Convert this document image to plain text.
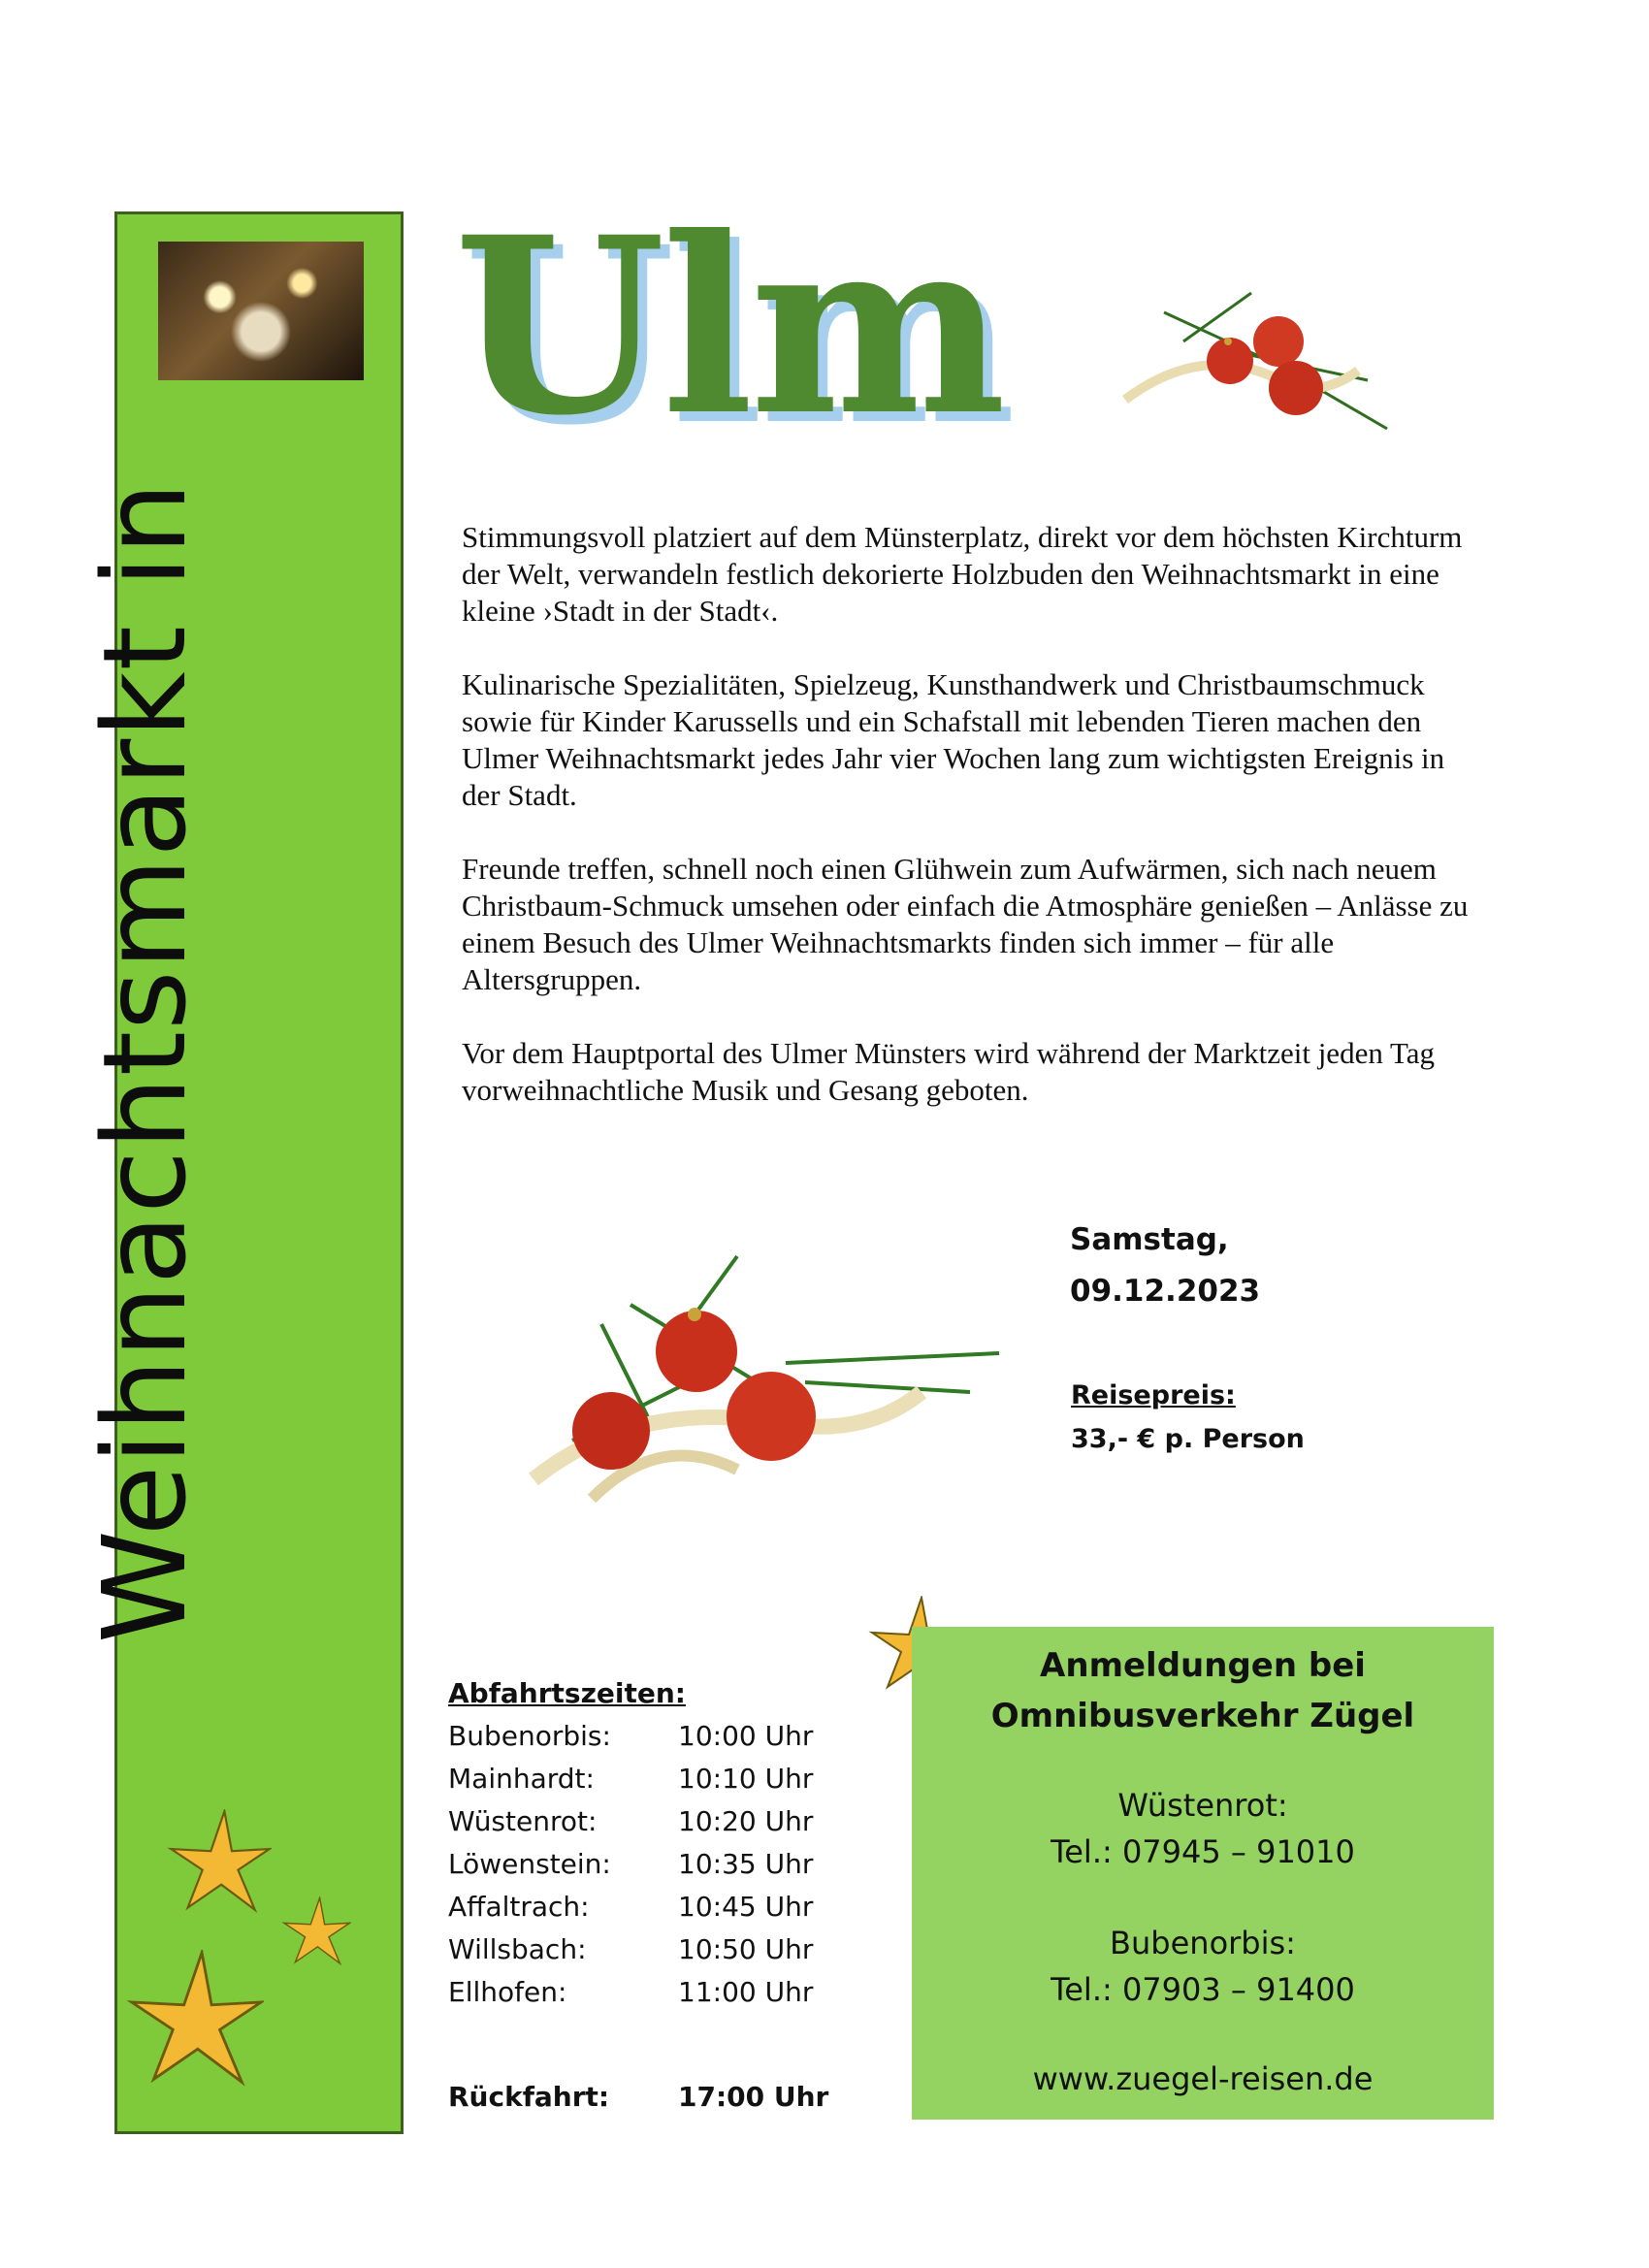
Weihnachtsmarkt in
Ulm

Stimmungsvoll platziert auf dem Münsterplatz, direkt vor dem höchsten Kirchturm der Welt, verwandeln festlich dekorierte Holzbuden den Weihnachtsmarkt in eine kleine ›Stadt in der Stadt‹.

Kulinarische Spezialitäten, Spielzeug, Kunsthandwerk und Christbaumschmuck sowie für Kinder Karussells und ein Schafstall mit lebenden Tieren machen den Ulmer Weihnachtsmarkt jedes Jahr vier Wochen lang zum wichtigsten Ereignis in der Stadt.

Freunde treffen, schnell noch einen Glühwein zum Aufwärmen, sich nach neuem Christbaum-Schmuck umsehen oder einfach die Atmosphäre genießen – Anlässe zu einem Besuch des Ulmer Weihnachtsmarkts finden sich immer – für alle Altersgruppen.

Vor dem Hauptportal des Ulmer Münsters wird während der Marktzeit jeden Tag vorweihnachtliche Musik und Gesang geboten.

Samstag,
09.12.2023
Reisepreis:
33,- € p. Person
Abfahrtszeiten:
Bubenorbis:	10:00 Uhr
Mainhardt:	10:10 Uhr
Wüstenrot:	10:20 Uhr
Löwenstein:	10:35 Uhr
Affaltrach:	10:45 Uhr
Willsbach:	10:50 Uhr
Ellhofen:	11:00 Uhr
Rückfahrt:	17:00 Uhr
Anmeldungen bei
Omnibusverkehr Zügel
Wüstenrot:
Tel.: 07945 – 91010
Bubenorbis:
Tel.: 07903 – 91400
www.zuegel-reisen.de
